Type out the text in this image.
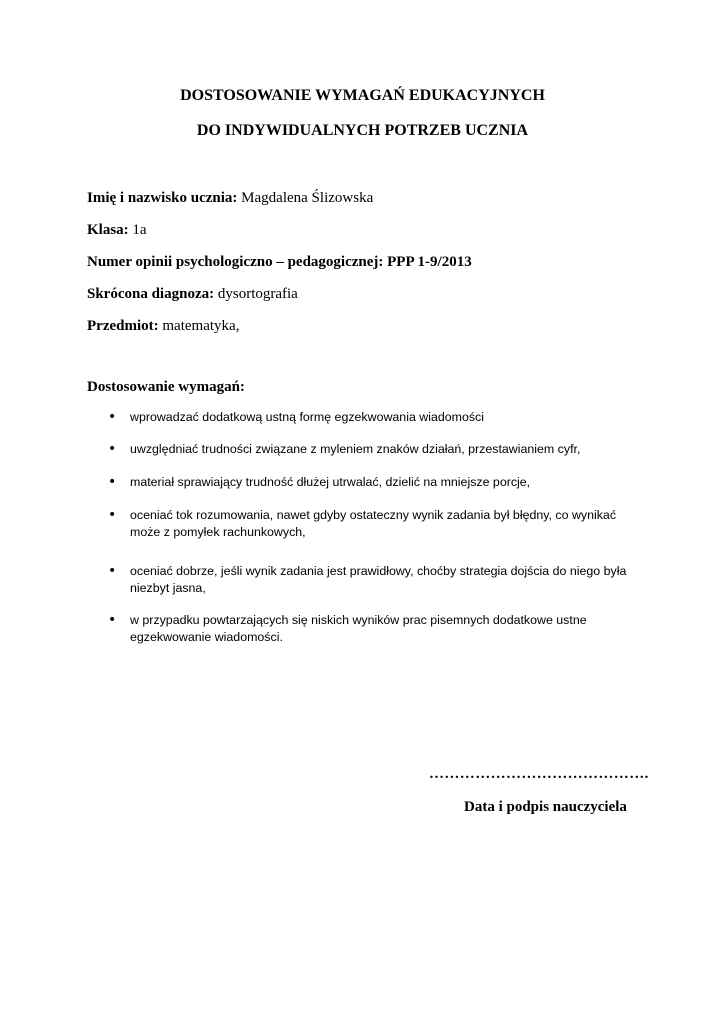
DOSTOSOWANIE WYMAGAŃ EDUKACYJNYCH
DO INDYWIDUALNYCH POTRZEB UCZNIA
Imię i nazwisko ucznia: Magdalena Ślizowska
Klasa: 1a
Numer opinii psychologiczno – pedagogicznej: PPP 1-9/2013
Skrócona diagnoza: dysortografia
Przedmiot: matematyka,
Dostosowanie wymagań:
• wprowadzać dodatkową ustną formę egzekwowania wiadomości
• uwzględniać trudności związane z myleniem znaków działań, przestawianiem cyfr,
• materiał sprawiający trudność dłużej utrwalać, dzielić na mniejsze porcje,
• oceniać tok rozumowania, nawet gdyby ostateczny wynik zadania był błędny, co wynikać może z pomyłek rachunkowych,
• oceniać dobrze, jeśli wynik zadania jest prawidłowy, choćby strategia dojścia do niego była niezbyt jasna,
• w przypadku powtarzających się niskich wyników prac pisemnych dodatkowe ustne egzekwowanie wiadomości.
…………………………………….
Data i podpis nauczyciela
